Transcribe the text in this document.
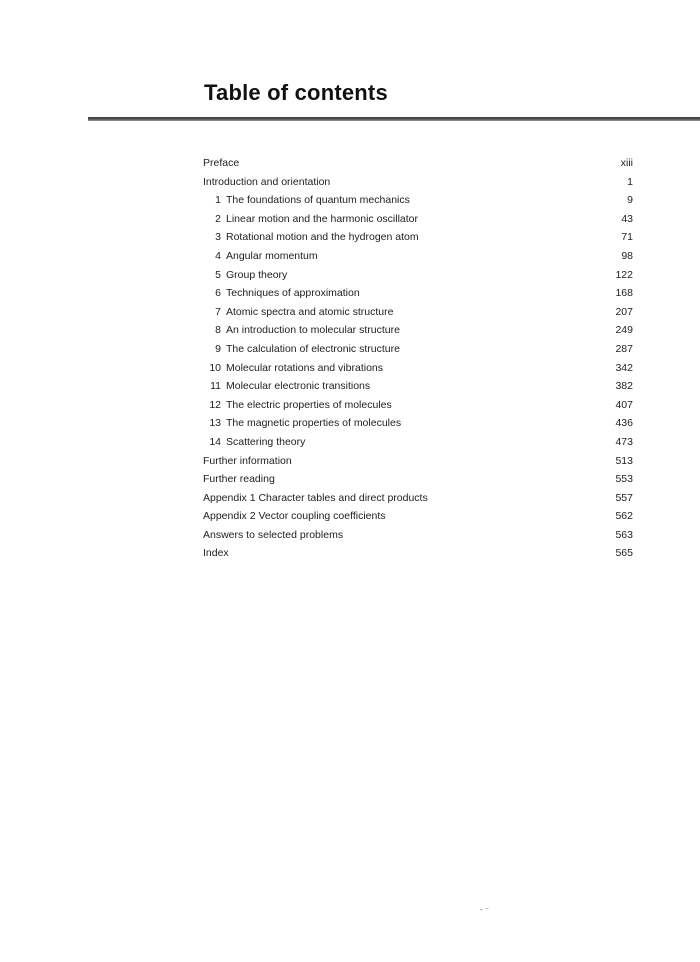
Table of contents
Preface	xiii
Introduction and orientation	1
1 The foundations of quantum mechanics	9
2 Linear motion and the harmonic oscillator	43
3 Rotational motion and the hydrogen atom	71
4 Angular momentum	98
5 Group theory	122
6 Techniques of approximation	168
7 Atomic spectra and atomic structure	207
8 An introduction to molecular structure	249
9 The calculation of electronic structure	287
10 Molecular rotations and vibrations	342
11 Molecular electronic transitions	382
12 The electric properties of molecules	407
13 The magnetic properties of molecules	436
14 Scattering theory	473
Further information	513
Further reading	553
Appendix 1 Character tables and direct products	557
Appendix 2 Vector coupling coefficients	562
Answers to selected problems	563
Index	565
- ⁻
